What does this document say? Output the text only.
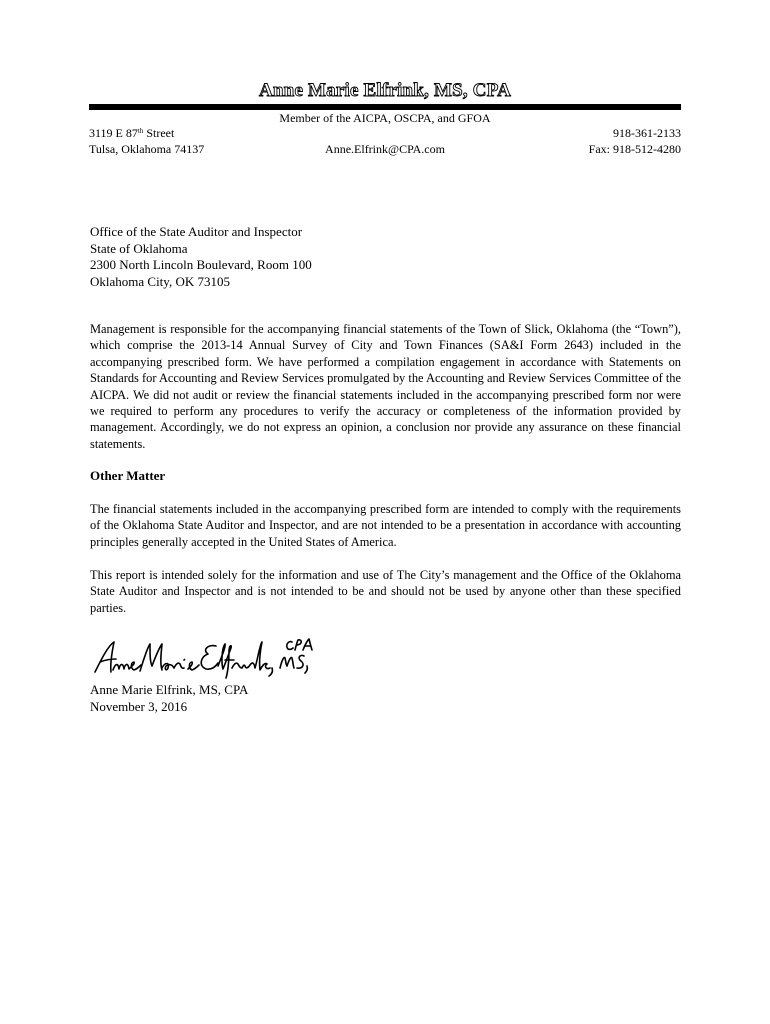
Anne Marie Elfrink, MS, CPA
Member of the AICPA, OSCPA, and GFOA
3119 E 87th Street	918-361-2133
Tulsa, Oklahoma 74137	Anne.Elfrink@CPA.com	Fax: 918-512-4280
Office of the State Auditor and Inspector
State of Oklahoma
2300 North Lincoln Boulevard, Room 100
Oklahoma City, OK 73105
Management is responsible for the accompanying financial statements of the Town of Slick, Oklahoma (the “Town”), which comprise the 2013-14 Annual Survey of City and Town Finances (SA&I Form 2643) included in the accompanying prescribed form. We have performed a compilation engagement in accordance with Statements on Standards for Accounting and Review Services promulgated by the Accounting and Review Services Committee of the AICPA. We did not audit or review the financial statements included in the accompanying prescribed form nor were we required to perform any procedures to verify the accuracy or completeness of the information provided by management. Accordingly, we do not express an opinion, a conclusion nor provide any assurance on these financial statements.
Other Matter
The financial statements included in the accompanying prescribed form are intended to comply with the requirements of the Oklahoma State Auditor and Inspector, and are not intended to be a presentation in accordance with accounting principles generally accepted in the United States of America.
This report is intended solely for the information and use of The City’s management and the Office of the Oklahoma State Auditor and Inspector and is not intended to be and should not be used by anyone other than these specified parties.
Anne Marie Elfrink, MS, CPA
November 3, 2016
